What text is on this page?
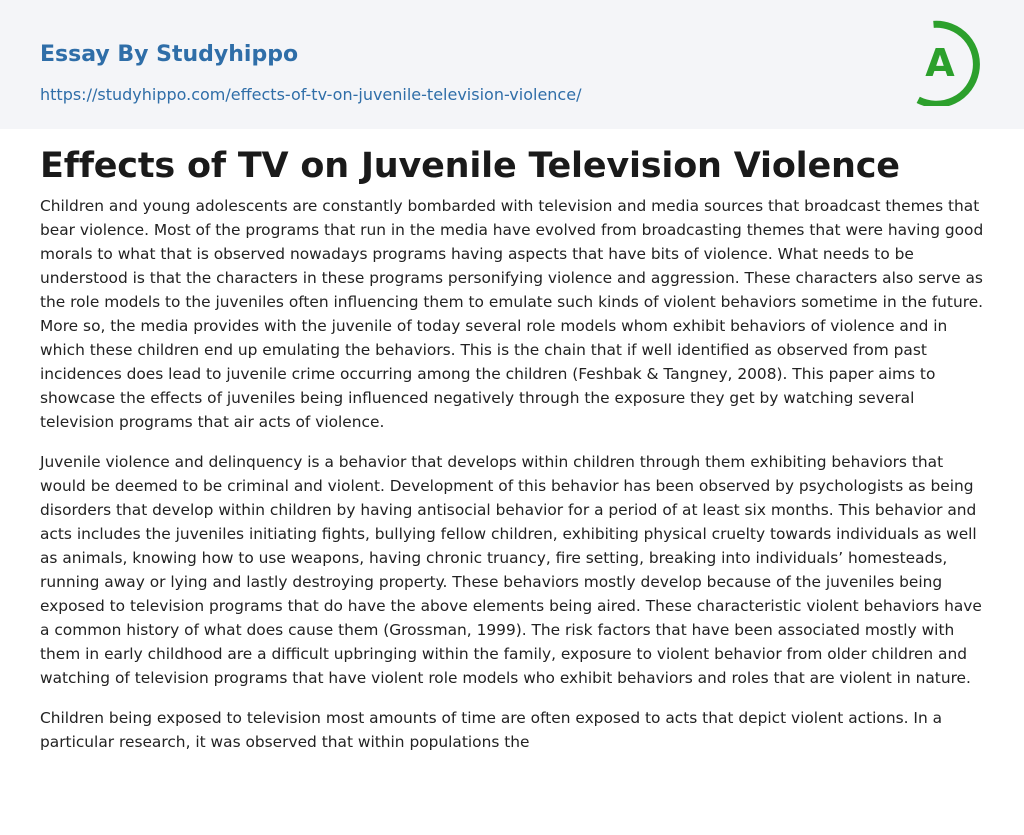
Essay By Studyhippo
https://studyhippo.com/effects-of-tv-on-juvenile-television-violence/
A
Effects of TV on Juvenile Television Violence

Children and young adolescents are constantly bombarded with television and media sources that broadcast themes that bear violence. Most of the programs that run in the media have evolved from broadcasting themes that were having good morals to what that is observed nowadays programs having aspects that have bits of violence. What needs to be understood is that the characters in these programs personifying violence and aggression. These characters also serve as the role models to the juveniles often influencing them to emulate such kinds of violent behaviors sometime in the future. More so, the media provides with the juvenile of today several role models whom exhibit behaviors of violence and in which these children end up emulating the behaviors. This is the chain that if well identified as observed from past incidences does lead to juvenile crime occurring among the children (Feshbak & Tangney, 2008). This paper aims to showcase the effects of juveniles being influenced negatively through the exposure they get by watching several television programs that air acts of violence.

Juvenile violence and delinquency is a behavior that develops within children through them exhibiting behaviors that would be deemed to be criminal and violent. Development of this behavior has been observed by psychologists as being disorders that develop within children by having antisocial behavior for a period of at least six months. This behavior and acts includes the juveniles initiating fights, bullying fellow children, exhibiting physical cruelty towards individuals as well as animals, knowing how to use weapons, having chronic truancy, fire setting, breaking into individuals’ homesteads, running away or lying and lastly destroying property. These behaviors mostly develop because of the juveniles being exposed to television programs that do have the above elements being aired. These characteristic violent behaviors have a common history of what does cause them (Grossman, 1999). The risk factors that have been associated mostly with them in early childhood are a difficult upbringing within the family, exposure to violent behavior from older children and watching of television programs that have violent role models who exhibit behaviors and roles that are violent in nature.

Children being exposed to television most amounts of time are often exposed to acts that depict violent actions. In a particular research, it was observed that within populations the
